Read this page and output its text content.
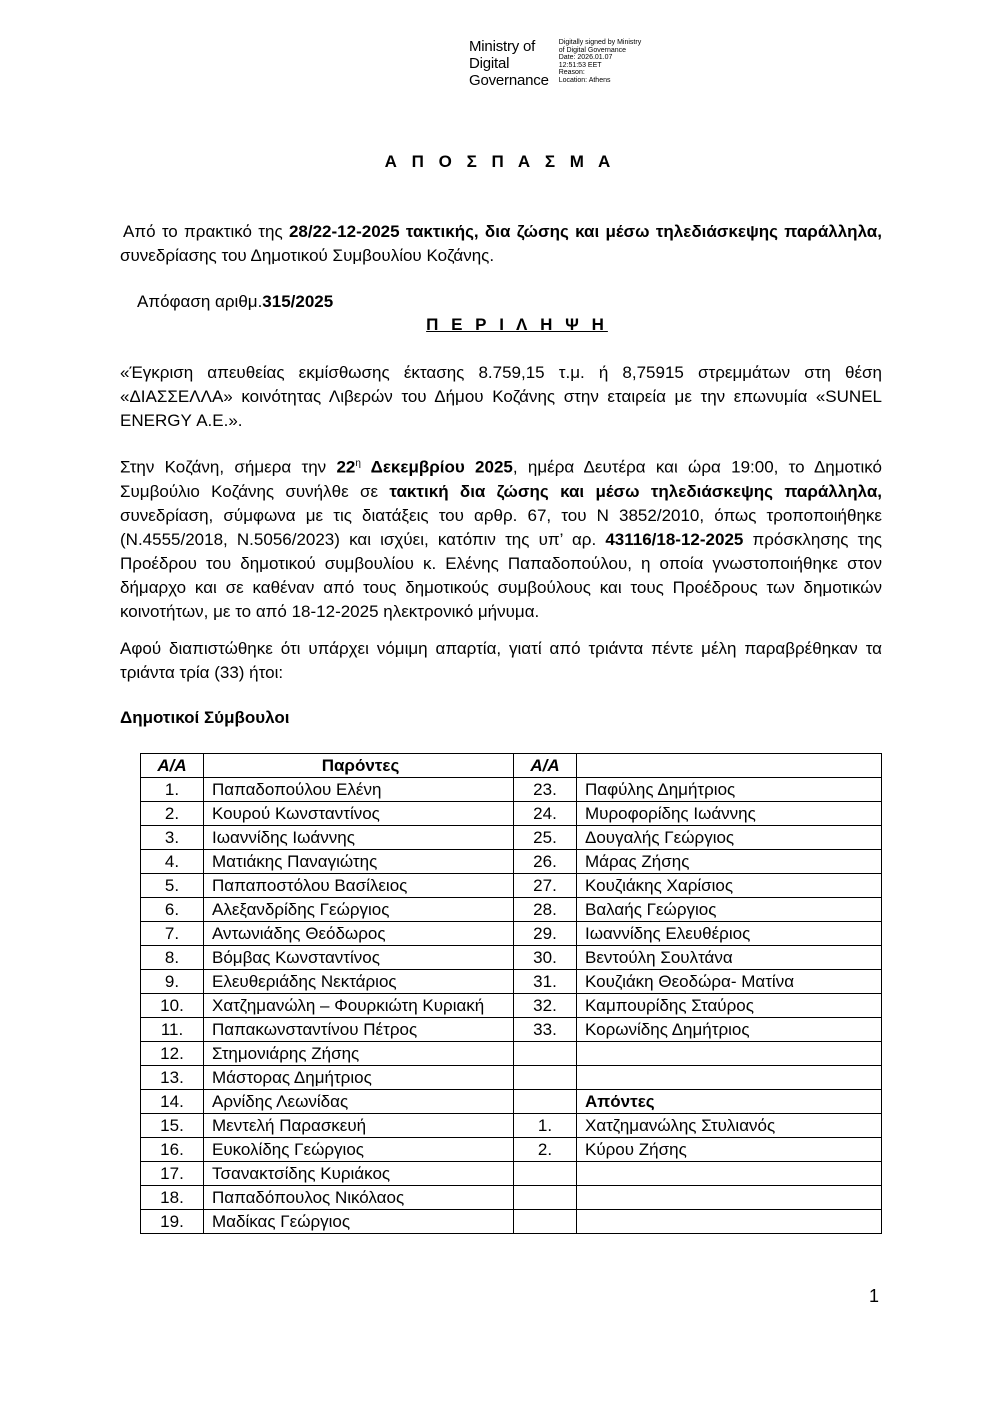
Ministry of
Digital
Governance
Digitally signed by Ministry
of Digital Governance
Date: 2026.01.07
12:51:53 EET
Reason:
Location: Athens
Α Π Ο Σ Π Α Σ Μ Α
Από το πρακτικό της 28/22-12-2025 τακτικής, δια ζώσης και μέσω τηλεδιάσκεψης παράλληλα, συνεδρίασης του Δημοτικού Συμβουλίου Κοζάνης.
Απόφαση αριθμ.315/2025
Π Ε Ρ Ι Λ Η Ψ Η
«Έγκριση απευθείας εκμίσθωσης έκτασης 8.759,15 τ.μ. ή 8,75915 στρεμμάτων στη θέση «ΔΙΑΣΣΕΛΛΑ» κοινότητας Λιβερών του Δήμου Κοζάνης στην εταιρεία με την επωνυμία «SUNEL ENERGY Α.Ε.».
Στην Κοζάνη, σήμερα την $22^\eta$ Δεκεμβρίου 2025, ημέρα Δευτέρα και ώρα 19:00, το Δημοτικό Συμβούλιο Κοζάνης συνήλθε σε τακτική δια ζώσης και μέσω τηλεδιάσκεψης παράλληλα, συνεδρίαση, σύμφωνα με τις διατάξεις του αρθρ. 67, του Ν 3852/2010, όπως τροποποιήθηκε (Ν.4555/2018, Ν.5056/2023) και ισχύει, κατόπιν της υπ’ αρ. 43116/18-12-2025 πρόσκλησης της Προέδρου του δημοτικού συμβουλίου κ. Ελένης Παπαδοπούλου, η οποία γνωστοποιήθηκε στον δήμαρχο και σε καθέναν από τους δημοτικούς συμβούλους και τους Προέδρους των δημοτικών κοινοτήτων, με το από 18-12-2025 ηλεκτρονικό μήνυμα.
Αφού διαπιστώθηκε ότι υπάρχει νόμιμη απαρτία, γιατί από τριάντα πέντε μέλη παραβρέθηκαν τα τριάντα τρία (33) ήτοι:
Δημοτικοί Σύμβουλοι
Α/Α	Παρόντες	Α/Α	
1.	Παπαδοπούλου Ελένη	23.	Παφύλης Δημήτριος
2.	Κουρού Κωνσταντίνος	24.	Μυροφορίδης Ιωάννης
3.	Ιωαννίδης Ιωάννης	25.	Δουγαλής Γεώργιος
4.	Ματιάκης Παναγιώτης	26.	Μάρας Ζήσης
5.	Παπαποστόλου Βασίλειος	27.	Κουζιάκης Χαρίσιος
6.	Αλεξανδρίδης Γεώργιος	28.	Βαλαής Γεώργιος
7.	Αντωνιάδης Θεόδωρος	29.	Ιωαννίδης Ελευθέριος
8.	Βόμβας Κωνσταντίνος	30.	Βεντούλη Σουλτάνα
9.	Ελευθεριάδης Νεκτάριος	31.	Κουζιάκη Θεοδώρα- Ματίνα
10.	Χατζημανώλη – Φουρκιώτη Κυριακή	32.	Καμπουρίδης Σταύρος
11.	Παπακωνσταντίνου Πέτρος	33.	Κορωνίδης Δημήτριος
12.	Στημονιάρης Ζήσης		
13.	Μάστορας Δημήτριος		
14.	Αρνίδης Λεωνίδας		Απόντες
15.	Μεντελή Παρασκευή	1.	Χατζημανώλης Στυλιανός
16.	Ευκολίδης Γεώργιος	2.	Κύρου Ζήσης
17.	Τσανακτσίδης Κυριάκος		
18.	Παπαδόπουλος Νικόλαος		
19.	Μαδίκας Γεώργιος		
1
